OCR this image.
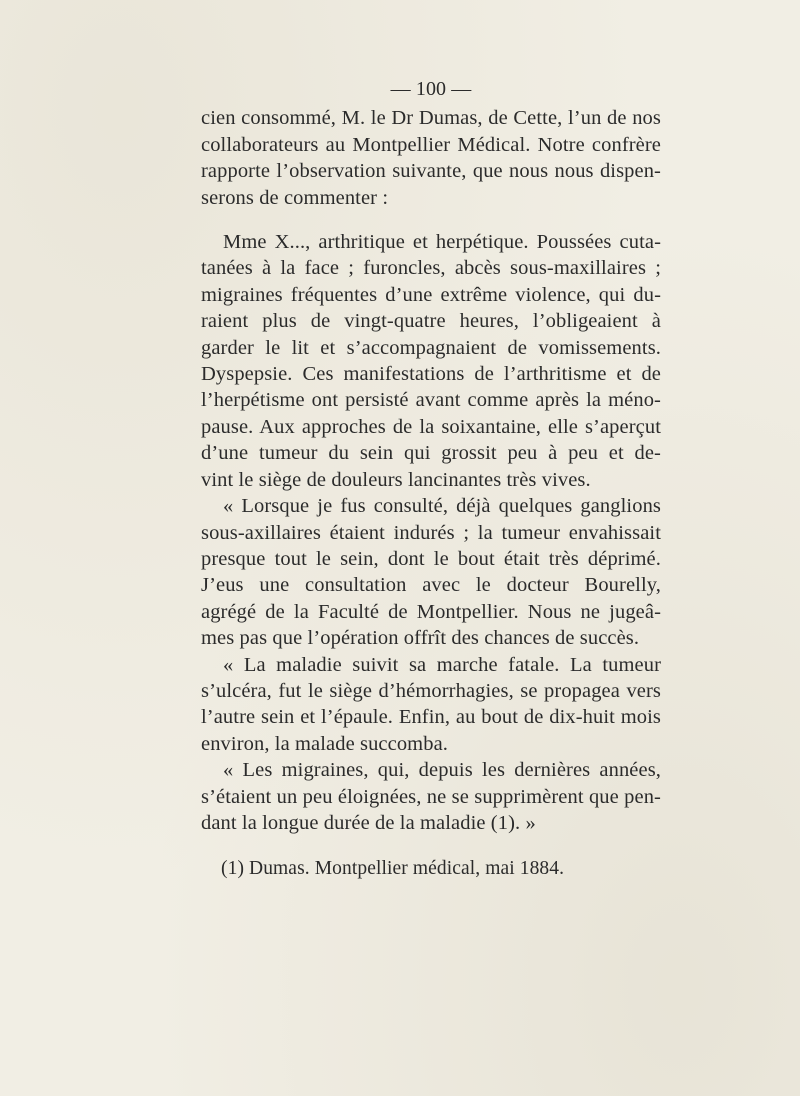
— 100 —

cien consommé, M. le Dr Dumas, de Cette, l’un de nos
collaborateurs au Montpellier Médical. Notre confrère
rapporte l’observation suivante, que nous nous dispen-
serons de commenter :

Mme X..., arthritique et herpétique. Poussées cuta-
tanées à la face ; furoncles, abcès sous-maxillaires ;
migraines fréquentes d’une extrême violence, qui du-
raient plus de vingt-quatre heures, l’obligeaient à
garder le lit et s’accompagnaient de vomissements.
Dyspepsie. Ces manifestations de l’arthritisme et de
l’herpétisme ont persisté avant comme après la méno-
pause. Aux approches de la soixantaine, elle s’aperçut
d’une tumeur du sein qui grossit peu à peu et de-
vint le siège de douleurs lancinantes très vives.

« Lorsque je fus consulté, déjà quelques ganglions
sous-axillaires étaient indurés ; la tumeur envahissait
presque tout le sein, dont le bout était très déprimé.
J’eus une consultation avec le docteur Bourelly,
agrégé de la Faculté de Montpellier. Nous ne jugeâ-
mes pas que l’opération offrît des chances de succès.

« La maladie suivit sa marche fatale. La tumeur
s’ulcéra, fut le siège d’hémorrhagies, se propagea vers
l’autre sein et l’épaule. Enfin, au bout de dix-huit mois
environ, la malade succomba.

« Les migraines, qui, depuis les dernières années,
s’étaient un peu éloignées, ne se supprimèrent que pen-
dant la longue durée de la maladie (1). »

(1) Dumas. Montpellier médical, mai 1884.
